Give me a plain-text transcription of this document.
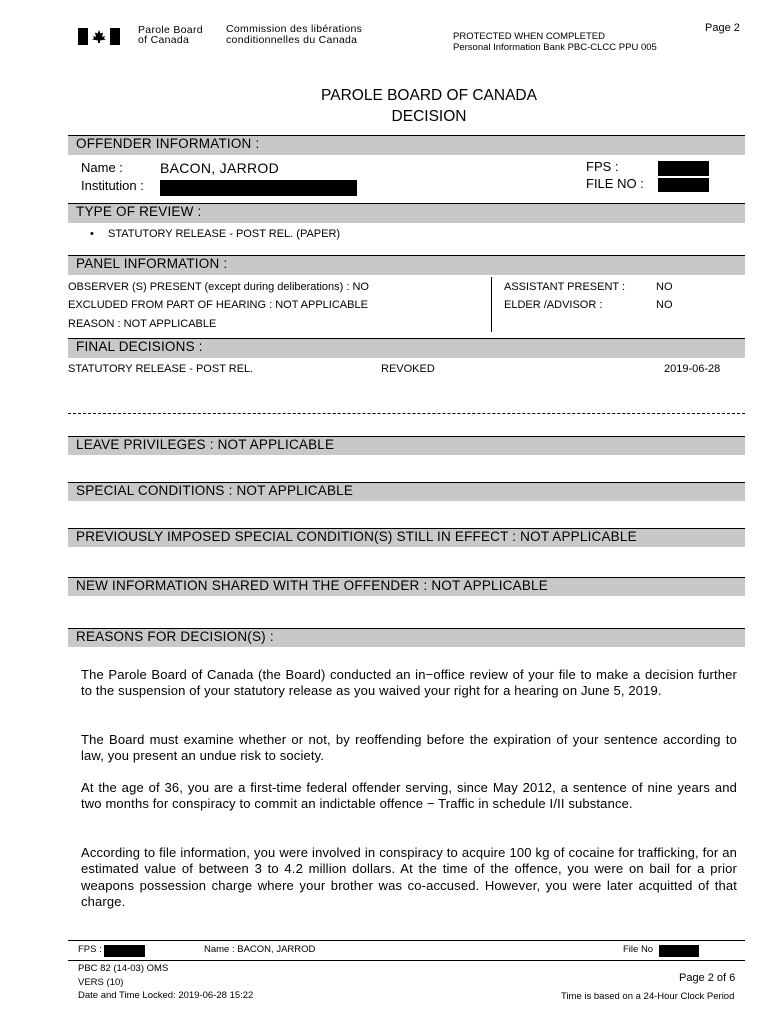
Parole Board
of Canada
Commission des libérations
conditionnelles du Canada	PROTECTED WHEN COMPLETED
Personal Information Bank PBC-CLCC PPU 005
Page 2
PAROLE BOARD OF CANADA
DECISION
OFFENDER INFORMATION :
Name :	BACON, JARROD
Institution :
FPS :
FILE NO :
TYPE OF REVIEW :
• STATUTORY RELEASE - POST REL. (PAPER)
PANEL INFORMATION :
OBSERVER (S) PRESENT (except during deliberations) : NO
EXCLUDED FROM PART OF HEARING : NOT APPLICABLE
REASON : NOT APPLICABLE
ASSISTANT PRESENT :	NO
ELDER /ADVISOR :	NO
FINAL DECISIONS :
STATUTORY RELEASE - POST REL.	REVOKED	2019-06-28
LEAVE PRIVILEGES : NOT APPLICABLE
SPECIAL CONDITIONS : NOT APPLICABLE
PREVIOUSLY IMPOSED SPECIAL CONDITION(S) STILL IN EFFECT : NOT APPLICABLE
NEW INFORMATION SHARED WITH THE OFFENDER : NOT APPLICABLE
REASONS FOR DECISION(S) :
The Parole Board of Canada (the Board) conducted an in−office review of your file to make a decision further to the suspension of your statutory release as you waived your right for a hearing on June 5, 2019.
The Board must examine whether or not, by reoffending before the expiration of your sentence according to law, you present an undue risk to society.
At the age of 36, you are a first-time federal offender serving, since May 2012, a sentence of nine years and two months for conspiracy to commit an indictable offence − Traffic in schedule I/II substance.
According to file information, you were involved in conspiracy to acquire 100 kg of cocaine for trafficking, for an estimated value of between 3 to 4.2 million dollars. At the time of the offence, you were on bail for a prior weapons possession charge where your brother was co-accused. However, you were later acquitted of that charge.
FPS :	Name : BACON, JARROD	File No
PBC 82 (14-03) OMS
VERS (10)
Date and Time Locked: 2019-06-28 15:22
Page 2 of 6
Time is based on a 24-Hour Clock Period
